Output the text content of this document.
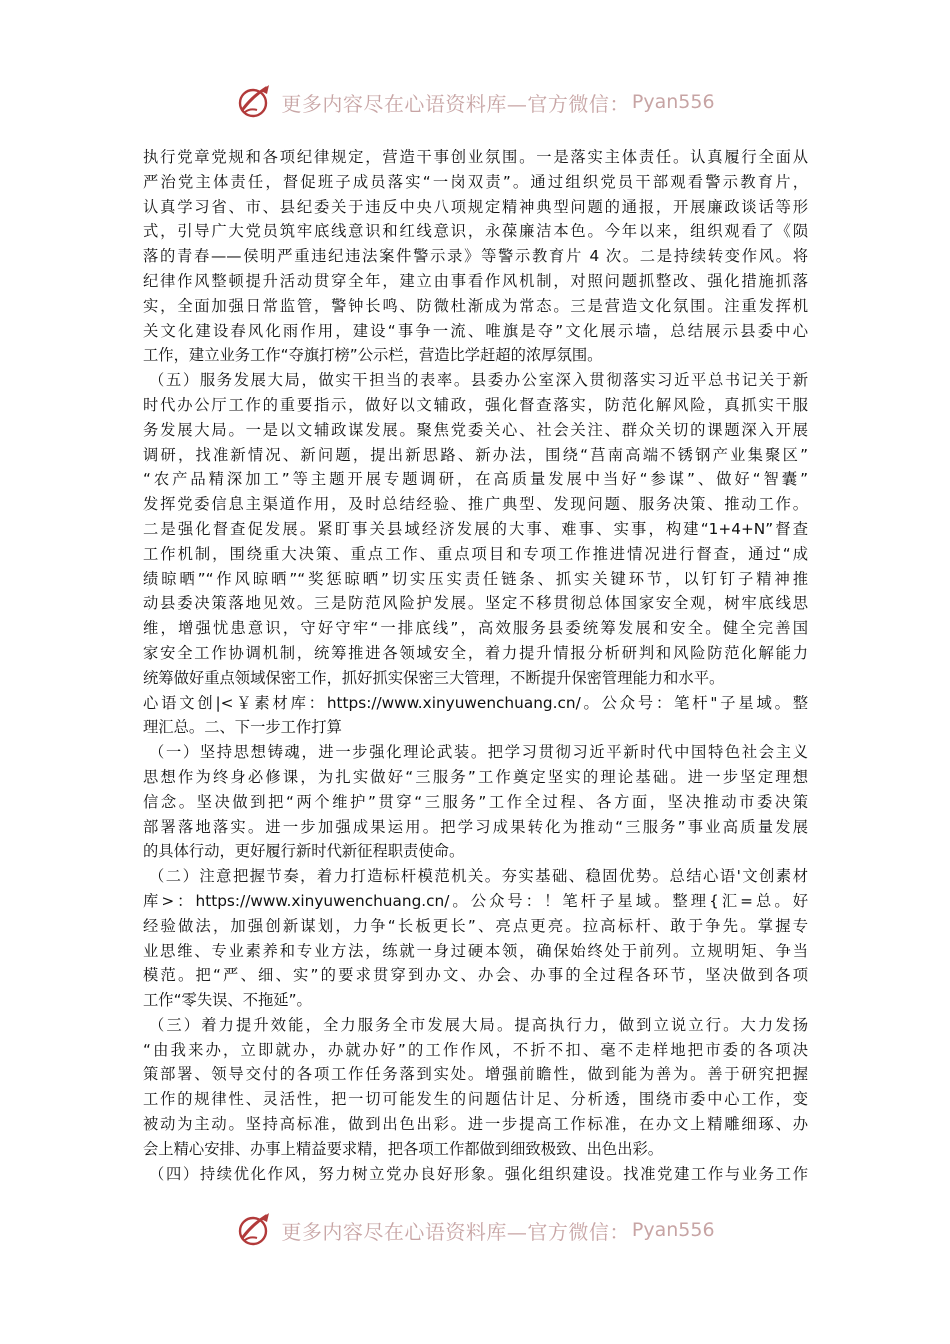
更多内容尽在心语资料库—官方微信： Pyan556
执行党章党规和各项纪律规定，营造干事创业氛围。一是落实主体责任。认真履行全面从
严治党主体责任，督促班子成员落实“一岗双责”。通过组织党员干部观看警示教育片，
认真学习省、市、县纪委关于违反中央八项规定精神典型问题的通报，开展廉政谈话等形
式，引导广大党员筑牢底线意识和红线意识，永葆廉洁本色。今年以来，组织观看了《陨
落的青春——侯明严重违纪违法案件警示录》等警示教育片 4 次。二是持续转变作风。将
纪律作风整顿提升活动贯穿全年，建立由事看作风机制，对照问题抓整改、强化措施抓落
实，全面加强日常监管，警钟长鸣、防微杜渐成为常态。三是营造文化氛围。注重发挥机
关文化建设春风化雨作用，建设“事争一流、唯旗是夺”文化展示墙，总结展示县委中心
工作，建立业务工作“夺旗打榜”公示栏，营造比学赶超的浓厚氛围。
（五）服务发展大局，做实干担当的表率。县委办公室深入贯彻落实习近平总书记关于新
时代办公厅工作的重要指示，做好以文辅政，强化督查落实，防范化解风险，真抓实干服
务发展大局。一是以文辅政谋发展。聚焦党委关心、社会关注、群众关切的课题深入开展
调研，找准新情况、新问题，提出新思路、新办法，围绕“莒南高端不锈钢产业集聚区”
“农产品精深加工”等主题开展专题调研，在高质量发展中当好“参谋”、做好“智囊”
发挥党委信息主渠道作用，及时总结经验、推广典型、发现问题、服务决策、推动工作。
二是强化督查促发展。紧盯事关县域经济发展的大事、难事、实事，构建“1+4+N”督查
工作机制，围绕重大决策、重点工作、重点项目和专项工作推进情况进行督查，通过“成
绩晾晒”“作风晾晒”“奖惩晾晒”切实压实责任链条、抓实关键环节，以钉钉子精神推
动县委决策落地见效。三是防范风险护发展。坚定不移贯彻总体国家安全观，树牢底线思
维，增强忧患意识，守好守牢“一排底线”，高效服务县委统筹发展和安全。健全完善国
家安全工作协调机制，统筹推进各领域安全，着力提升情报分析研判和风险防范化解能力
统筹做好重点领域保密工作，抓好抓实保密三大管理，不断提升保密管理能力和水平。
心语文创|<￥素材库：https://www.xinyuwenchuang.cn/。公众号：笔杆"子星域。整
理汇总。二、下一步工作打算
（一）坚持思想铸魂，进一步强化理论武装。把学习贯彻习近平新时代中国特色社会主义
思想作为终身必修课，为扎实做好“三服务”工作奠定坚实的理论基础。进一步坚定理想
信念。坚决做到把“两个维护”贯穿“三服务”工作全过程、各方面，坚决推动市委决策
部署落地落实。进一步加强成果运用。把学习成果转化为推动“三服务”事业高质量发展
的具体行动，更好履行新时代新征程职责使命。
（二）注意把握节奏，着力打造标杆模范机关。夯实基础、稳固优势。总结心语'文创素材
库>：https://www.xinyuwenchuang.cn/。公众号：！笔杆子星域。整理{汇=总。好
经验做法，加强创新谋划，力争“长板更长”、亮点更亮。拉高标杆、敢于争先。掌握专
业思维、专业素养和专业方法，练就一身过硬本领，确保始终处于前列。立规明矩、争当
模范。把“严、细、实”的要求贯穿到办文、办会、办事的全过程各环节，坚决做到各项
工作“零失误、不拖延”。
（三）着力提升效能，全力服务全市发展大局。提高执行力，做到立说立行。大力发扬
“由我来办，立即就办，办就办好”的工作作风，不折不扣、毫不走样地把市委的各项决
策部署、领导交付的各项工作任务落到实处。增强前瞻性，做到能为善为。善于研究把握
工作的规律性、灵活性，把一切可能发生的问题估计足、分析透，围绕市委中心工作，变
被动为主动。坚持高标准，做到出色出彩。进一步提高工作标准，在办文上精雕细琢、办
会上精心安排、办事上精益要求精，把各项工作都做到细致极致、出色出彩。
（四）持续优化作风，努力树立党办良好形象。强化组织建设。找准党建工作与业务工作
更多内容尽在心语资料库—官方微信： Pyan556
